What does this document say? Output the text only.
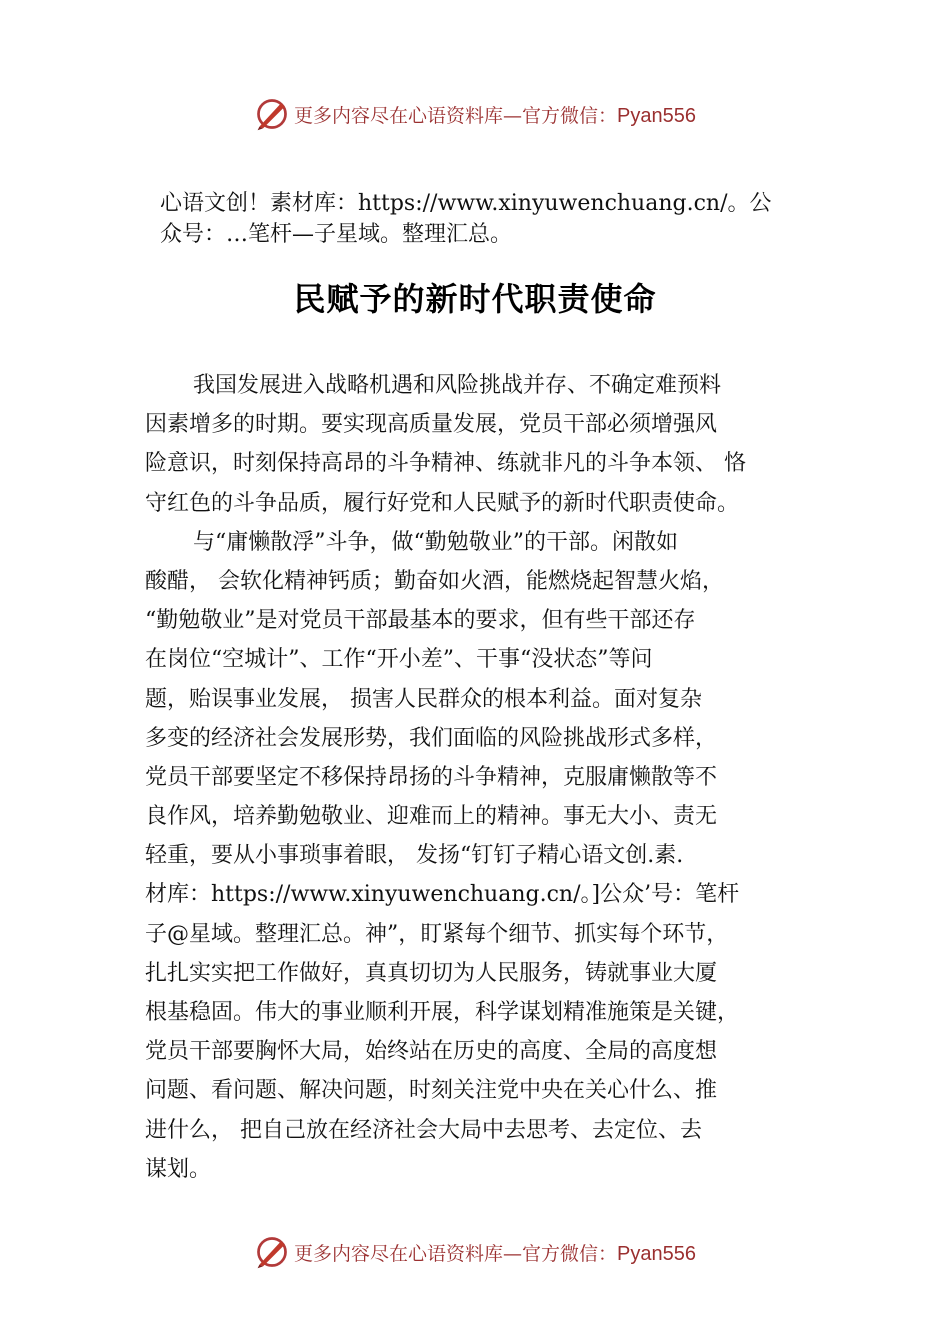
更多内容尽在心语资料库—官方微信：Pyan556
心语文创！素材库：https://www.xinyuwenchuang.cn/。公
众号：…笔杆—子星域。整理汇总。
民赋予的新时代职责使命
我国发展进入战略机遇和风险挑战并存、不确定难预料
因素增多的时期。要实现高质量发展，党员干部必须增强风
险意识，时刻保持高昂的斗争精神、练就非凡的斗争本领、 恪
守红色的斗争品质，履行好党和人民赋予的新时代职责使命。
与“庸懒散浮”斗争，做“勤勉敬业”的干部。闲散如
酸醋， 会软化精神钙质；勤奋如火酒，能燃烧起智慧火焰，
“勤勉敬业”是对党员干部最基本的要求，但有些干部还存
在岗位“空城计”、工作“开小差”、干事“没状态”等问
题，贻误事业发展， 损害人民群众的根本利益。面对复杂
多变的经济社会发展形势，我们面临的风险挑战形式多样，
党员干部要坚定不移保持昂扬的斗争精神，克服庸懒散等不
良作风，培养勤勉敬业、迎难而上的精神。事无大小、责无
轻重，要从小事琐事着眼， 发扬“钉钉子精心语文创.素.
材库：https://www.xinyuwenchuang.cn/。]公众’号：笔杆
子@星域。整理汇总。神”，盯紧每个细节、抓实每个环节，
扎扎实实把工作做好，真真切切为人民服务，铸就事业大厦
根基稳固。伟大的事业顺利开展，科学谋划精准施策是关键，
党员干部要胸怀大局，始终站在历史的高度、全局的高度想
问题、看问题、解决问题，时刻关注党中央在关心什么、推
进什么， 把自己放在经济社会大局中去思考、去定位、去
谋划。
更多内容尽在心语资料库—官方微信：Pyan556
